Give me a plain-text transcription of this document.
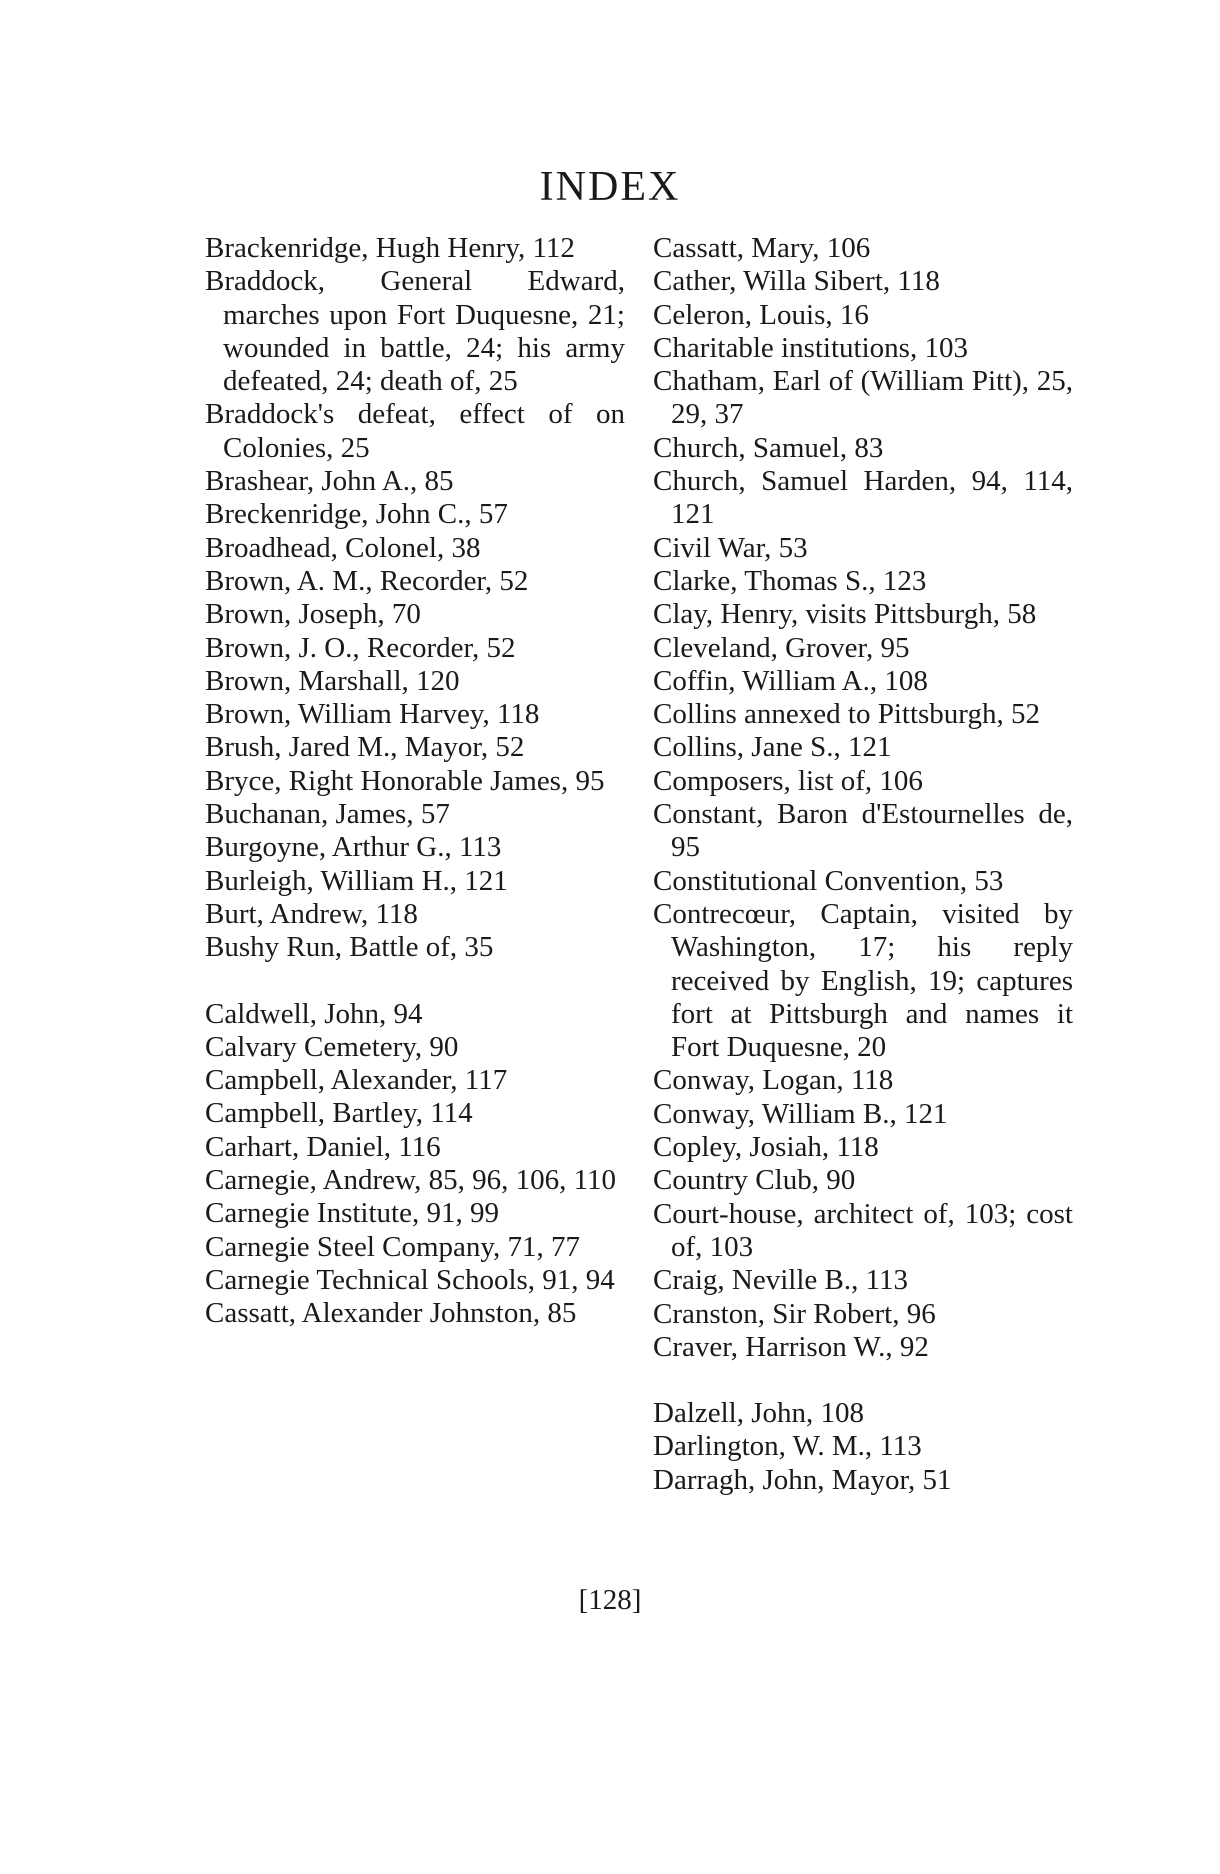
INDEX
Brackenridge, Hugh Henry, 112
Braddock, General Edward, marches upon Fort Duquesne, 21; wounded in battle, 24; his army defeated, 24; death of, 25
Braddock's defeat, effect of on Colonies, 25
Brashear, John A., 85
Breckenridge, John C., 57
Broadhead, Colonel, 38
Brown, A. M., Recorder, 52
Brown, Joseph, 70
Brown, J. O., Recorder, 52
Brown, Marshall, 120
Brown, William Harvey, 118
Brush, Jared M., Mayor, 52
Bryce, Right Honorable James, 95
Buchanan, James, 57
Burgoyne, Arthur G., 113
Burleigh, William H., 121
Burt, Andrew, 118
Bushy Run, Battle of, 35
Caldwell, John, 94
Calvary Cemetery, 90
Campbell, Alexander, 117
Campbell, Bartley, 114
Carhart, Daniel, 116
Carnegie, Andrew, 85, 96, 106, 110
Carnegie Institute, 91, 99
Carnegie Steel Company, 71, 77
Carnegie Technical Schools, 91, 94
Cassatt, Alexander Johnston, 85
Cassatt, Mary, 106
Cather, Willa Sibert, 118
Celeron, Louis, 16
Charitable institutions, 103
Chatham, Earl of (William Pitt), 25, 29, 37
Church, Samuel, 83
Church, Samuel Harden, 94, 114, 121
Civil War, 53
Clarke, Thomas S., 123
Clay, Henry, visits Pittsburgh, 58
Cleveland, Grover, 95
Coffin, William A., 108
Collins annexed to Pittsburgh, 52
Collins, Jane S., 121
Composers, list of, 106
Constant, Baron d'Estournelles de, 95
Constitutional Convention, 53
Contrecœur, Captain, visited by Washington, 17; his reply received by English, 19; captures fort at Pittsburgh and names it Fort Duquesne, 20
Conway, Logan, 118
Conway, William B., 121
Copley, Josiah, 118
Country Club, 90
Court-house, architect of, 103; cost of, 103
Craig, Neville B., 113
Cranston, Sir Robert, 96
Craver, Harrison W., 92
Dalzell, John, 108
Darlington, W. M., 113
Darragh, John, Mayor, 51
[128]
